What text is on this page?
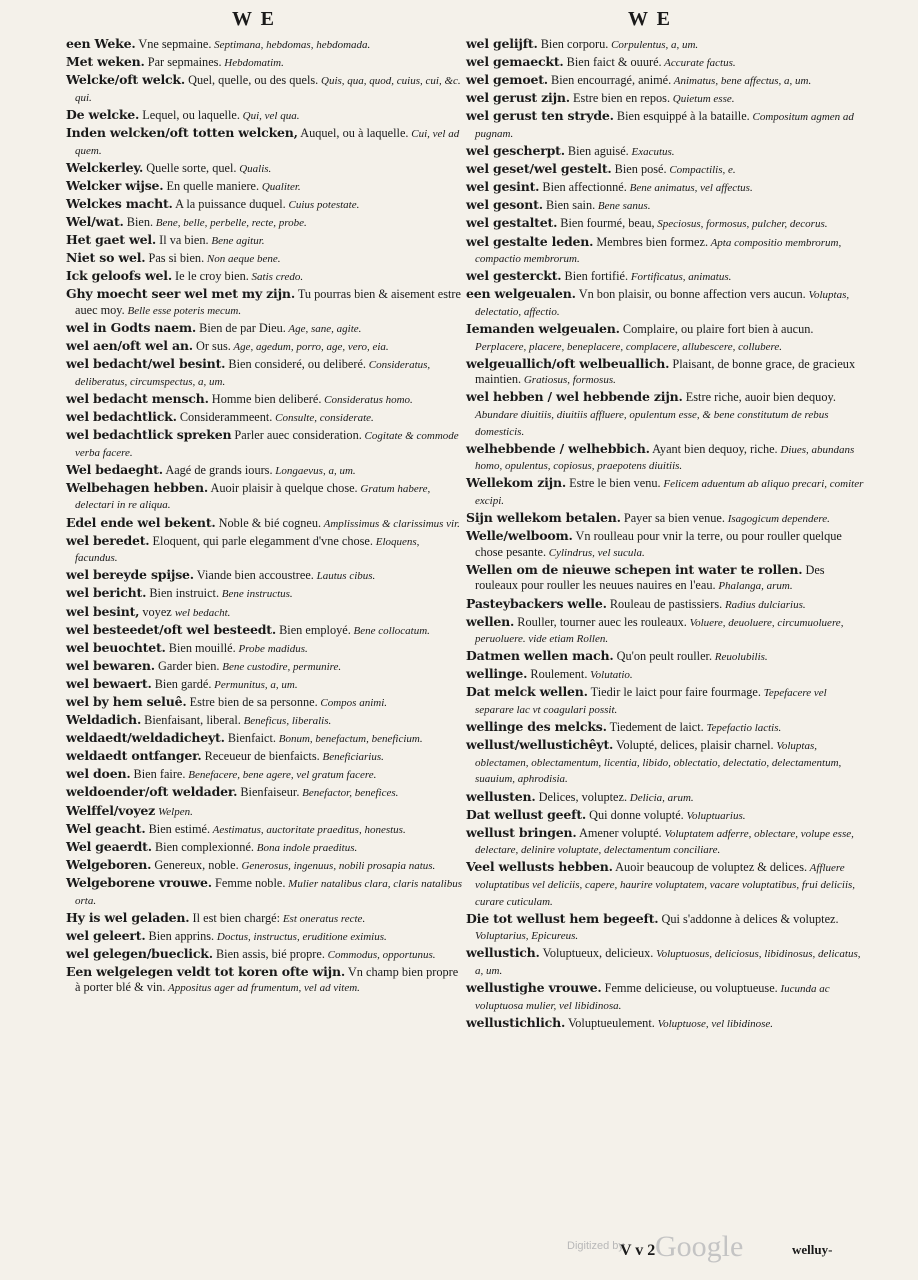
W E	W E
een Weke. Vne sepmaine. Septimana, hebdomas, hebdomada.
Met weken. Par sepmaines. Hebdomatim.
Welcke/oft welck. Quel, quelle, ou des quels. Quis, qua, quod, cuius, cui, &c. qui.
De welcke. Lequel, ou laquelle. Qui, vel qua.
Inden welcken/oft totten welcken, Auquel, ou à laquelle. Cui, vel ad quem.
Welckerley. Quelle sorte, quel. Qualis.
Welcker wijse. En quelle maniere. Qualiter.
Welckes macht. A la puissance duquel. Cuius potestate.
Wel/wat. Bien. Bene, belle, perbelle, recte, probe.
Het gaet wel. Il va bien. Bene agitur.
Niet so wel. Pas si bien. Non aeque bene.
Ick geloofs wel. Ie le croy bien. Satis credo.
Ghy moecht seer wel met my zijn. Tu pourras bien & aisement estre auec moy. Belle esse poteris mecum.
wel in Godts naem. Bien de par Dieu. Age, sane, agite.
wel aen/oft wel an. Or sus. Age, agedum, porro, age, vero, eia.
wel bedacht/wel besint. Bien consideré, ou deliberé. Consideratus, deliberatus, circumspectus, a, um.
wel bedacht mensch. Homme bien deliberé. Consideratus homo.
wel bedachtlick. Considerammeent. Consulte, considerate.
wel bedachtlick spreken Parler auec consideration. Cogitate & commode verba facere.
Wel bedaeght. Aagé de grands iours. Longaevus, a, um.
Welbehagen hebben. Auoir plaisir à quelque chose. Gratum habere, delectari in re aliqua.
Edel ende wel bekent. Noble & bié cogneu. Amplissimus & clarissimus vir.
wel beredet. Eloquent, qui parle elegamment d'vne chose. Eloquens, facundus.
wel bereyde spijse. Viande bien accoustree. Lautus cibus.
wel bericht. Bien instruict. Bene instructus.
wel besint, voyez wel bedacht.
wel besteedet/oft wel besteedt. Bien employé. Bene collocatum.
wel beuochtet. Bien mouillé. Probe madidus.
wel bewaren. Garder bien. Bene custodire, permunire.
wel bewaert. Bien gardé. Permunitus, a, um.
wel by hem seluê. Estre bien de sa personne. Compos animi.
Weldadich. Bienfaisant, liberal. Beneficus, liberalis.
weldaedt/weldadicheyt. Bienfaict. Bonum, benefactum, beneficium.
weldaedt ontfanger. Receueur de bienfaicts. Beneficiarius.
wel doen. Bien faire. Benefacere, bene agere, vel gratum facere.
weldoender/oft weldader. Bienfaiseur. Benefactor, benefices.
Welffel/voyez Welpen.
Wel geacht. Bien estimé. Aestimatus, auctoritate praeditus, honestus.
Wel geaerdt. Bien complexionné. Bona indole praeditus.
Welgeboren. Genereux, noble. Generosus, ingenuus, nobili prosapia natus.
Welgeborene vrouwe. Femme noble. Mulier natalibus clara, claris natalibus orta.
Hy is wel geladen. Il est bien chargé: Est oneratus recte.
wel geleert. Bien apprins. Doctus, instructus, eruditione eximius.
wel gelegen/bueclick. Bien assis, bié propre. Commodus, opportunus.
Een welgelegen veldt tot koren ofte wijn. Vn champ bien propre à porter blé & vin. Appositus ager ad frumentum, vel ad vitem.
wel gelijft. Bien corporu. Corpulentus, a, um.
wel gemaeckt. Bien faict & ouuré. Accurate factus.
wel gemoet. Bien encourragé, animé. Animatus, bene affectus, a, um.
wel gerust zijn. Estre bien en repos. Quietum esse.
wel gerust ten stryde. Bien esquippé à la bataille. Compositum agmen ad pugnam.
wel gescherpt. Bien aguisé. Exacutus.
wel geset/wel gestelt. Bien posé. Compactilis, e.
wel gesint. Bien affectionné. Bene animatus, vel affectus.
wel gesont. Bien sain. Bene sanus.
wel gestaltet. Bien fourmé, beau, Speciosus, formosus, pulcher, decorus.
wel gestalte leden. Membres bien formez. Apta compositio membrorum, compactio membrorum.
wel gesterckt. Bien fortifié. Fortificatus, animatus.
een welgeualen. Vn bon plaisir, ou bonne affection vers aucun. Voluptas, delectatio, affectio.
Iemanden welgeualen. Complaire, ou plaire fort bien à aucun. Perplacere, placere, beneplacere, complacere, allubescere, collubere.
welgeuallich/oft welbeuallich. Plaisant, de bonne grace, de gracieux maintien. Gratiosus, formosus.
wel hebben / wel hebbende zijn. Estre riche, auoir bien dequoy. Abundare diuitiis, diuitiis affluere, opulentum esse, & bene constitutum de rebus domesticis.
welhebbende / welhebbich. Ayant bien dequoy, riche. Diues, abundans homo, opulentus, copiosus, praepotens diuitiis.
Wellekom zijn. Estre le bien venu. Felicem aduentum ab aliquo precari, comiter excipi.
Sijn wellekom betalen. Payer sa bien venue. Isagogicum dependere.
Welle/welboom. Vn roulleau pour vnir la terre, ou pour rouller quelque chose pesante. Cylindrus, vel sucula.
Wellen om de nieuwe schepen int water te rollen. Des rouleaux pour rouller les neuues nauires en l'eau. Phalanga, arum.
Pasteybackers welle. Rouleau de pastissiers. Radius dulciarius.
wellen. Rouller, tourner auec les rouleaux. Voluere, deuoluere, circumuoluere, peruoluere. vide etiam Rollen.
Datmen wellen mach. Qu'on peult rouller. Reuolubilis.
wellinge. Roulement. Volutatio.
Dat melck wellen. Tiedir le laict pour faire fourmage. Tepefacere vel separare lac vt coagulari possit.
wellinge des melcks. Tiedement de laict. Tepefactio lactis.
wellust/wellustichêyt. Volupté, delices, plaisir charnel. Voluptas, oblectamen, oblectamentum, licentia, libido, oblectatio, delectatio, delectamentum, suauium, aphrodisia.
wellusten. Delices, voluptez. Delicia, arum.
Dat wellust geeft. Qui donne volupté. Voluptuarius.
wellust bringen. Amener volupté. Voluptatem adferre, oblectare, volupe esse, delectare, delinire voluptate, delectamentum conciliare.
Veel wellusts hebben. Auoir beaucoup de voluptez & delices. Affluere voluptatibus vel deliciis, capere, haurire voluptatem, vacare voluptatibus, frui deliciis, curare cuticulam.
Die tot wellust hem begeeft. Qui s'addonne à delices & voluptez. Voluptarius, Epicureus.
wellustich. Voluptueux, delicieux. Voluptuosus, deliciosus, libidinosus, delicatus, a, um.
wellustighe vrouwe. Femme delicieuse, ou voluptueuse. Iucunda ac voluptuosa mulier, vel libidinosa.
wellustichlich. Voluptueulement. Voluptuose, vel libidinose.
Digitized by
V v 2 Google	welluy-
